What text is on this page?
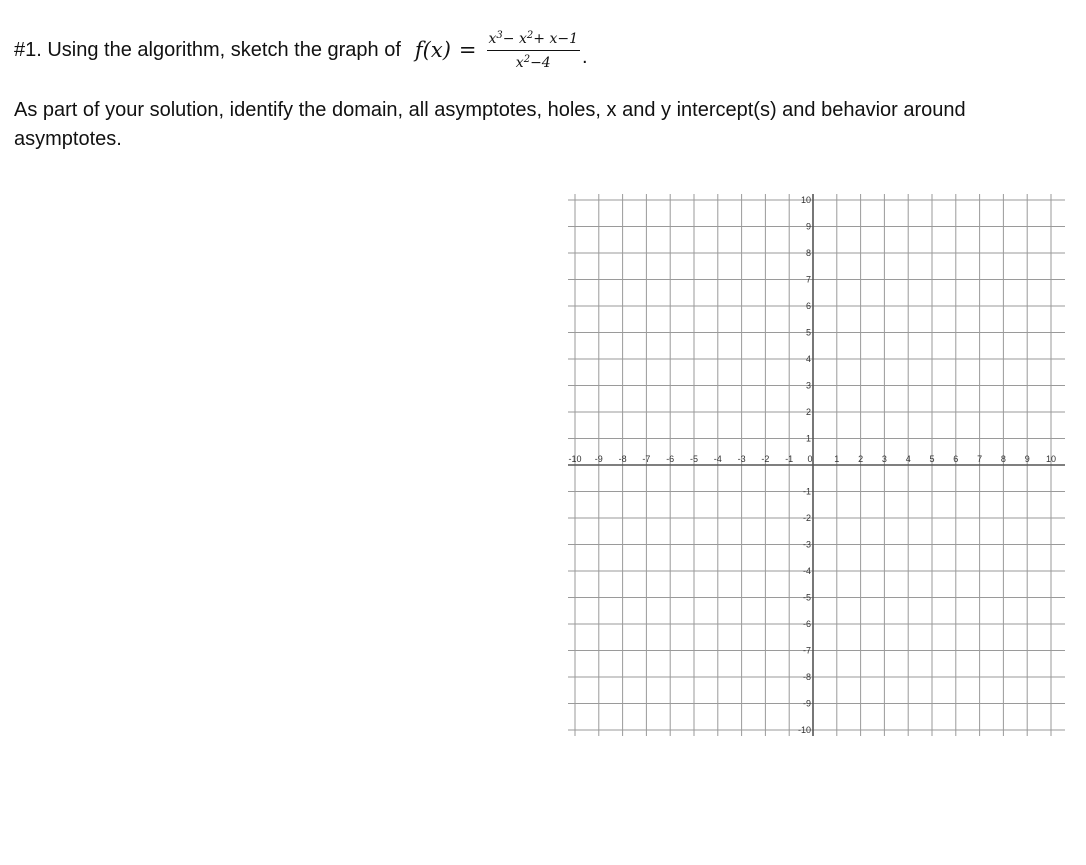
#1. Using the algorithm, sketch the graph of $f(x) = \frac{x^3- x^2+ x-1}{x^2-4}$ .
As part of your solution, identify the domain, all asymptotes, holes, x and y intercept(s) and behavior around asymptotes.
-10 -9 -8 -7 -6 -5 -4 -3 -2 -1 0 1 2 3 4 5 6 7 8 9 10
10
9
8
7
6
5
4
3
2
1
-1
-2
-3
-4
-5
-6
-7
-8
-9
-10
